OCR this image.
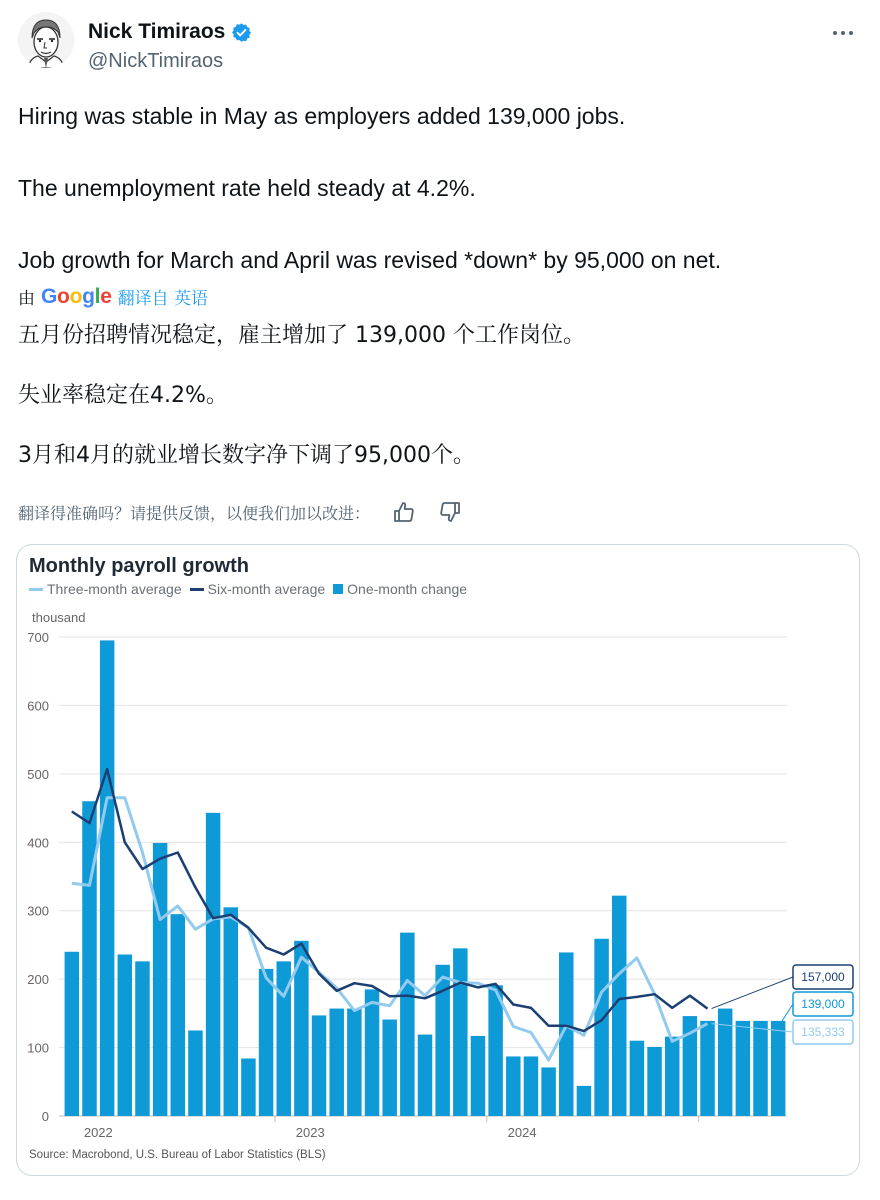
Nick Timiraos
@NickTimiraos

Hiring was stable in May as employers added 139,000 jobs.

The unemployment rate held steady at 4.2%.

Job growth for March and April was revised *down* by 95,000 on net.

由 Google 翻译自 英语

五月份招聘情况稳定，雇主增加了 139,000 个工作岗位。

失业率稳定在4.2%。

3月和4月的就业增长数字净下调了95,000个。

翻译得准确吗？请提供反馈，以便我们加以改进：
Monthly payroll growth
Three-month average Six-month average One-month change
thousand
0
100
200
300
400
500
600
700
2022	2023	2024
157,000
139,000
135,333
Source: Macrobond, U.S. Bureau of Labor Statistics (BLS)
